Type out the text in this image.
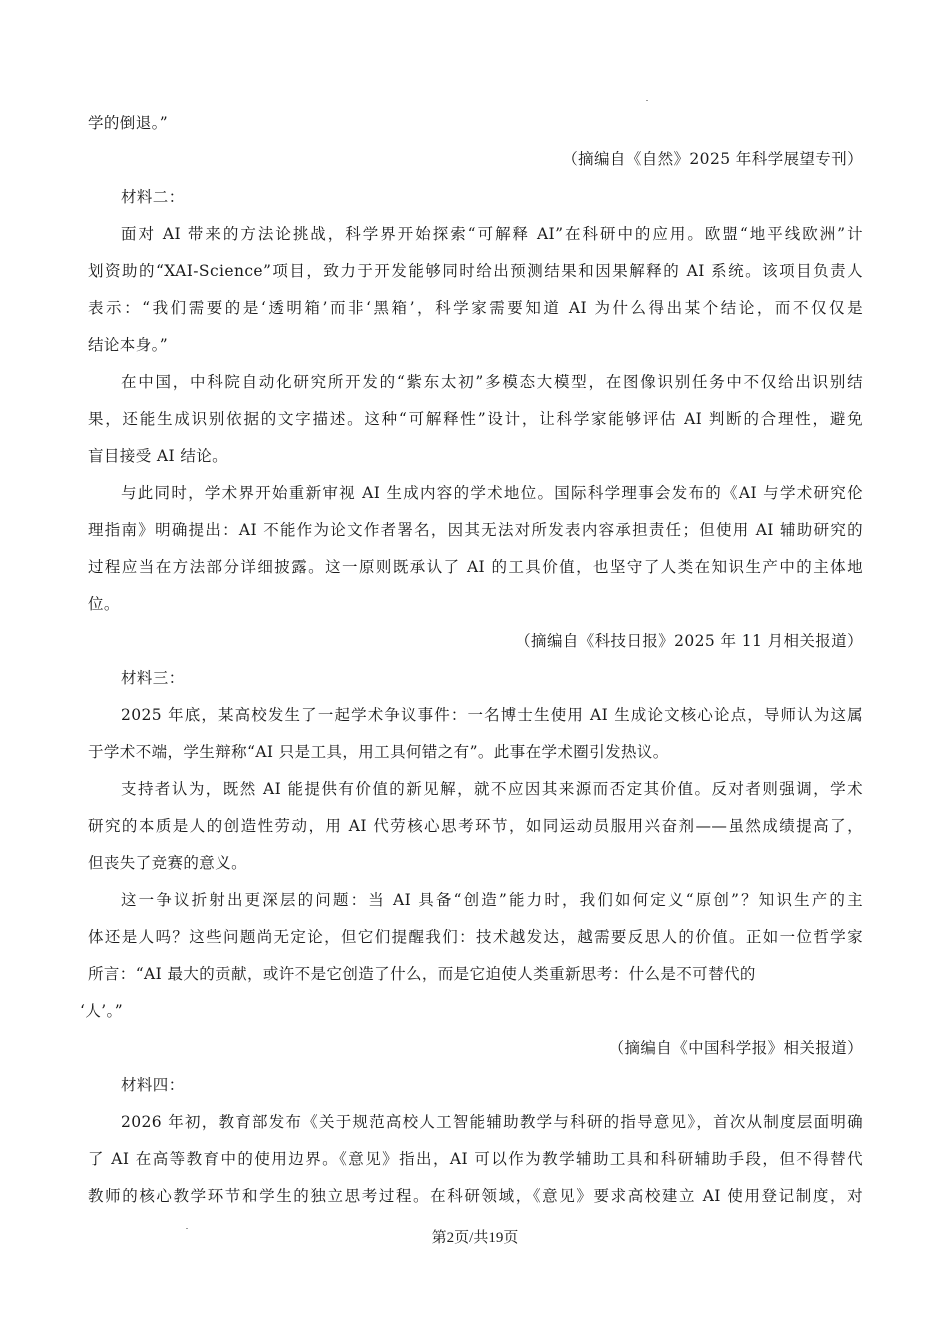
学的倒退。”
（摘编自《自然》2025 年科学展望专刊）
材料二：
面对 AI 带来的方法论挑战，科学界开始探索“可解释 AI”在科研中的应用。欧盟“地平线欧洲”计
划资助的“XAI-Science”项目，致力于开发能够同时给出预测结果和因果解释的 AI 系统。该项目负责人
表示：“我们需要的是‘透明箱’而非‘黑箱’，科学家需要知道 AI 为什么得出某个结论，而不仅仅是
结论本身。”
在中国，中科院自动化研究所开发的“紫东太初”多模态大模型，在图像识别任务中不仅给出识别结
果，还能生成识别依据的文字描述。这种“可解释性”设计，让科学家能够评估 AI 判断的合理性，避免
盲目接受 AI 结论。
与此同时，学术界开始重新审视 AI 生成内容的学术地位。国际科学理事会发布的《AI 与学术研究伦
理指南》明确提出：AI 不能作为论文作者署名，因其无法对所发表内容承担责任；但使用 AI 辅助研究的
过程应当在方法部分详细披露。这一原则既承认了 AI 的工具价值，也坚守了人类在知识生产中的主体地
位。
（摘编自《科技日报》2025 年 11 月相关报道）
材料三：
2025 年底，某高校发生了一起学术争议事件：一名博士生使用 AI 生成论文核心论点，导师认为这属
于学术不端，学生辩称“AI 只是工具，用工具何错之有”。此事在学术圈引发热议。
支持者认为，既然 AI 能提供有价值的新见解，就不应因其来源而否定其价值。反对者则强调，学术
研究的本质是人的创造性劳动，用 AI 代劳核心思考环节，如同运动员服用兴奋剂——虽然成绩提高了，
但丧失了竞赛的意义。
这一争议折射出更深层的问题：当 AI 具备“创造”能力时，我们如何定义“原创”？知识生产的主
体还是人吗？这些问题尚无定论，但它们提醒我们：技术越发达，越需要反思人的价值。正如一位哲学家
所言：“AI 最大的贡献，或许不是它创造了什么，而是它迫使人类重新思考：什么是不可替代的
‘人’。”
（摘编自《中国科学报》相关报道）
材料四：
2026 年初，教育部发布《关于规范高校人工智能辅助教学与科研的指导意见》，首次从制度层面明确
了 AI 在高等教育中的使用边界。《意见》指出，AI 可以作为教学辅助工具和科研辅助手段，但不得替代
教师的核心教学环节和学生的独立思考过程。在科研领域，《意见》要求高校建立 AI 使用登记制度，对
第2页/共19页
